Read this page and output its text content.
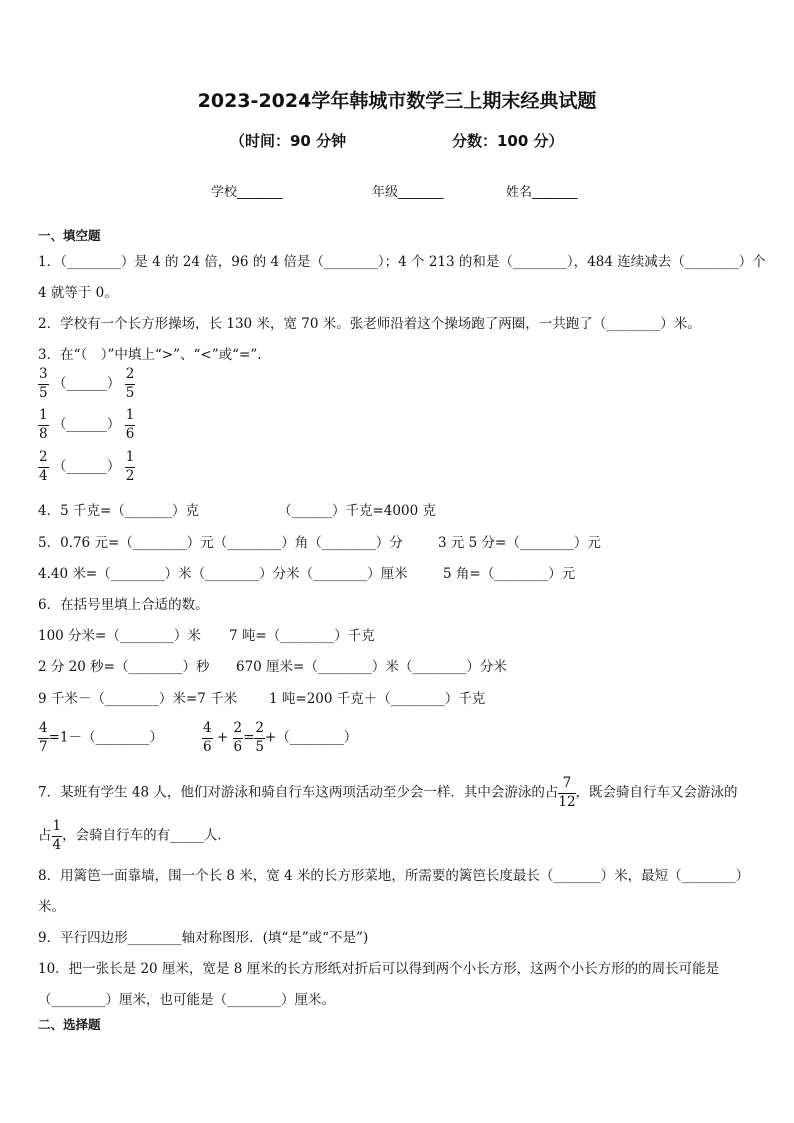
2023-2024学年韩城市数学三上期末经典试题
（时间：90 分钟	分数：100 分）
学校_______	年级_______	姓名_______
一、填空题
1．（________）是 4 的 24 倍，96 的 4 倍是（________）；4 个 213 的和是（________），484 连续减去（________）个
4 就等于 0。
2．学校有一个长方形操场，长 130 米，宽 70 米。张老师沿着这个操场跑了两圈，一共跑了（________）米。
3．在“（　）”中填上“>”、“<”或“=”.
$\frac{3}{5}$ （______） $\frac{2}{5}$
$\frac{1}{8}$ （______） $\frac{1}{6}$
$\frac{2}{4}$ （______） $\frac{1}{2}$
4．5 千克=（_______）克	（______）千克=4000 克
5．0.76 元=（________）元（________）角（________）分	3 元 5 分=（________）元
4.40 米=（________）米（________）分米（________）厘米	5 角=（________）元
6．在括号里填上合适的数。
100 分米=（________）米 7 吨=（________）千克
2 分 20 秒=（________）秒 670 厘米=（________）米（________）分米
9 千米－（________）米=7 千米 1 吨=200 千克＋（________）千克
$\frac{4}{7}$ =1－（________）	$\frac{4}{6} + \frac{2}{6} = \frac{2}{5}$ +（________）
7．某班有学生 48 人，他们对游泳和骑自行车这两项活动至少会一样．其中会游泳的占 $\frac{7}{12}$ ，既会骑自行车又会游泳的
占 $\frac{1}{4}$ ，会骑自行车的有_____人．
8．用篱笆一面靠墙，围一个长 8 米，宽 4 米的长方形菜地，所需要的篱笆长度最长（_______）米，最短（________）
米。
9．平行四边形________轴对称图形．(填“是”或“不是”)
10．把一张长是 20 厘米，宽是 8 厘米的长方形纸对折后可以得到两个小长方形，这两个小长方形的的周长可能是
（________）厘米，也可能是（________）厘米。
二、选择题
